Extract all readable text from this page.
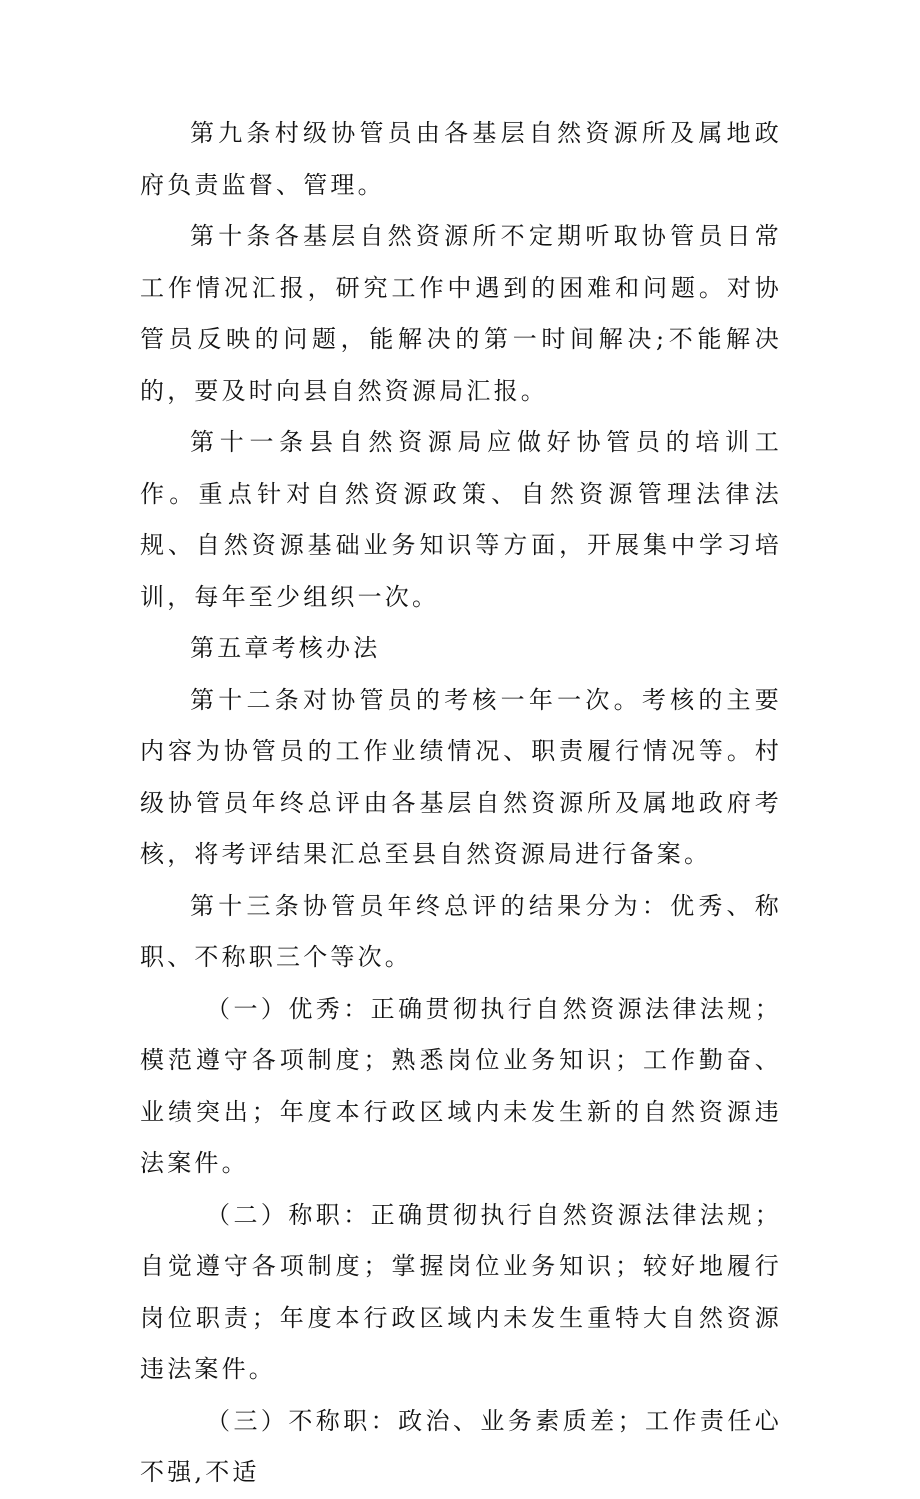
第九条村级协管员由各基层自然资源所及属地政府负责监督、管理。

第十条各基层自然资源所不定期听取协管员日常工作情况汇报，研究工作中遇到的困难和问题。对协管员反映的问题，能解决的第一时间解决;不能解决的，要及时向县自然资源局汇报。

第十一条县自然资源局应做好协管员的培训工作。重点针对自然资源政策、自然资源管理法律法规、自然资源基础业务知识等方面，开展集中学习培训，每年至少组织一次。

第五章考核办法

第十二条对协管员的考核一年一次。考核的主要内容为协管员的工作业绩情况、职责履行情况等。村级协管员年终总评由各基层自然资源所及属地政府考核，将考评结果汇总至县自然资源局进行备案。

第十三条协管员年终总评的结果分为：优秀、称职、不称职三个等次。

（一）优秀：正确贯彻执行自然资源法律法规；模范遵守各项制度；熟悉岗位业务知识；工作勤奋、业绩突出；年度本行政区域内未发生新的自然资源违法案件。

（二）称职：正确贯彻执行自然资源法律法规；自觉遵守各项制度；掌握岗位业务知识；较好地履行岗位职责；年度本行政区域内未发生重特大自然资源违法案件。

（三）不称职：政治、业务素质差；工作责任心不强,不适
